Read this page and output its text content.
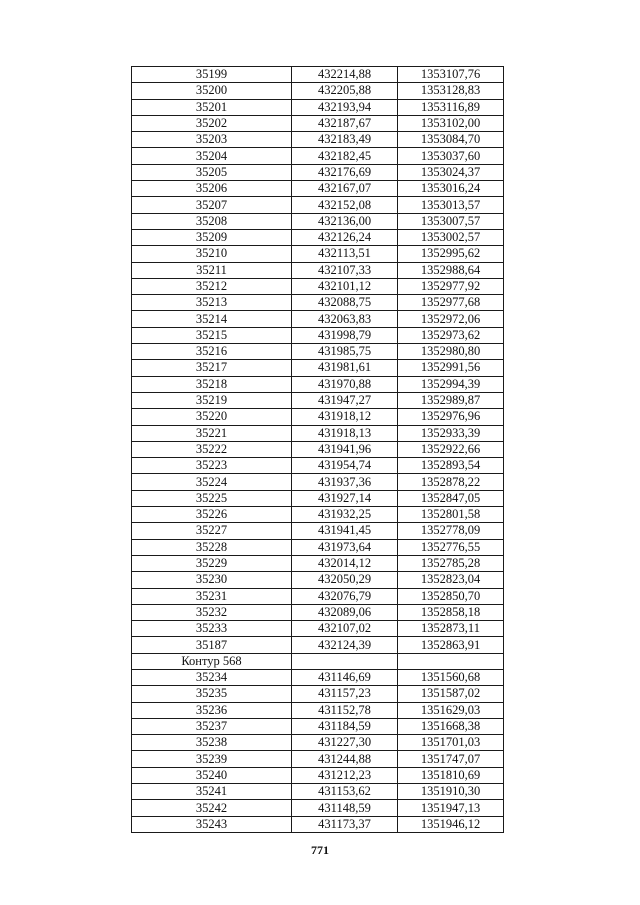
35199	432214,88	1353107,76
35200	432205,88	1353128,83
35201	432193,94	1353116,89
35202	432187,67	1353102,00
35203	432183,49	1353084,70
35204	432182,45	1353037,60
35205	432176,69	1353024,37
35206	432167,07	1353016,24
35207	432152,08	1353013,57
35208	432136,00	1353007,57
35209	432126,24	1353002,57
35210	432113,51	1352995,62
35211	432107,33	1352988,64
35212	432101,12	1352977,92
35213	432088,75	1352977,68
35214	432063,83	1352972,06
35215	431998,79	1352973,62
35216	431985,75	1352980,80
35217	431981,61	1352991,56
35218	431970,88	1352994,39
35219	431947,27	1352989,87
35220	431918,12	1352976,96
35221	431918,13	1352933,39
35222	431941,96	1352922,66
35223	431954,74	1352893,54
35224	431937,36	1352878,22
35225	431927,14	1352847,05
35226	431932,25	1352801,58
35227	431941,45	1352778,09
35228	431973,64	1352776,55
35229	432014,12	1352785,28
35230	432050,29	1352823,04
35231	432076,79	1352850,70
35232	432089,06	1352858,18
35233	432107,02	1352873,11
35187	432124,39	1352863,91
Контур 568		
35234	431146,69	1351560,68
35235	431157,23	1351587,02
35236	431152,78	1351629,03
35237	431184,59	1351668,38
35238	431227,30	1351701,03
35239	431244,88	1351747,07
35240	431212,23	1351810,69
35241	431153,62	1351910,30
35242	431148,59	1351947,13
35243	431173,37	1351946,12
771
